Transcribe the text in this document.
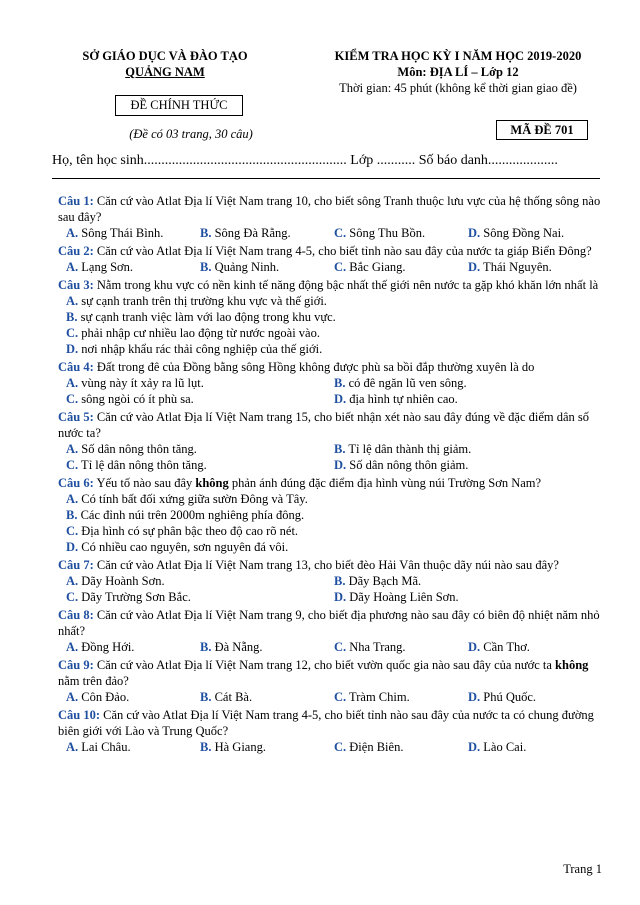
SỞ GIÁO DỤC VÀ ĐÀO TẠO
QUẢNG NAM
ĐỀ CHÍNH THỨC
(Đề có 03 trang, 30 câu)
KIỂM TRA HỌC KỲ I NĂM HỌC 2019-2020
Môn: ĐỊA LÍ – Lớp 12
Thời gian: 45 phút (không kể thời gian giao đề)
MÃ ĐỀ 701
Họ, tên học sinh.......................................................... Lớp ........... Số báo danh....................
Câu 1: Căn cứ vào Atlat Địa lí Việt Nam trang 10, cho biết sông Tranh thuộc lưu vực của hệ thống sông nào sau đây?
A. Sông Thái Bình.	B. Sông Đà Rằng.	C. Sông Thu Bồn.	D. Sông Đồng Nai.
Câu 2: Căn cứ vào Atlat Địa lí Việt Nam trang 4-5, cho biết tỉnh nào sau đây của nước ta giáp Biển Đông?
A. Lạng Sơn.	B. Quảng Ninh.	C. Bắc Giang.	D. Thái Nguyên.
Câu 3: Nằm trong khu vực có nền kinh tế năng động bậc nhất thế giới nên nước ta gặp khó khăn lớn nhất là
A. sự cạnh tranh trên thị trường khu vực và thế giới.
B. sự cạnh tranh việc làm với lao động trong khu vực.
C. phải nhập cư nhiều lao động từ nước ngoài vào.
D. nơi nhập khẩu rác thải công nghiệp của thế giới.
Câu 4: Đất trong đê của Đồng bằng sông Hồng không được phù sa bồi đắp thường xuyên là do
A. vùng này ít xảy ra lũ lụt.	B. có đê ngăn lũ ven sông.
C. sông ngòi có ít phù sa.	D. địa hình tự nhiên cao.
Câu 5: Căn cứ vào Atlat Địa lí Việt Nam trang 15, cho biết nhận xét nào sau đây đúng về đặc điểm dân số nước ta?
A. Số dân nông thôn tăng.	B. Tỉ lệ dân thành thị giảm.
C. Tỉ lệ dân nông thôn tăng.	D. Số dân nông thôn giảm.
Câu 6: Yếu tố nào sau đây không phản ánh đúng đặc điểm địa hình vùng núi Trường Sơn Nam?
A. Có tính bất đối xứng giữa sườn Đông và Tây.
B. Các đỉnh núi trên 2000m nghiêng phía đông.
C. Địa hình có sự phân bậc theo độ cao rõ nét.
D. Có nhiều cao nguyên, sơn nguyên đá vôi.
Câu 7: Căn cứ vào Atlat Địa lí Việt Nam trang 13, cho biết đèo Hải Vân thuộc dãy núi nào sau đây?
A. Dãy Hoành Sơn.	B. Dãy Bạch Mã.
C. Dãy Trường Sơn Bắc.	D. Dãy Hoàng Liên Sơn.
Câu 8: Căn cứ vào Atlat Địa lí Việt Nam trang 9, cho biết địa phương nào sau đây có biên độ nhiệt năm nhỏ nhất?
A. Đồng Hới.	B. Đà Nẵng.	C. Nha Trang.	D. Cần Thơ.
Câu 9: Căn cứ vào Atlat Địa lí Việt Nam trang 12, cho biết vườn quốc gia nào sau đây của nước ta không nằm trên đảo?
A. Côn Đảo.	B. Cát Bà.	C. Tràm Chim.	D. Phú Quốc.
Câu 10: Căn cứ vào Atlat Địa lí Việt Nam trang 4-5, cho biết tỉnh nào sau đây của nước ta có chung đường biên giới với Lào và Trung Quốc?
A. Lai Châu.	B. Hà Giang.	C. Điện Biên.	D. Lào Cai.
Trang 1
